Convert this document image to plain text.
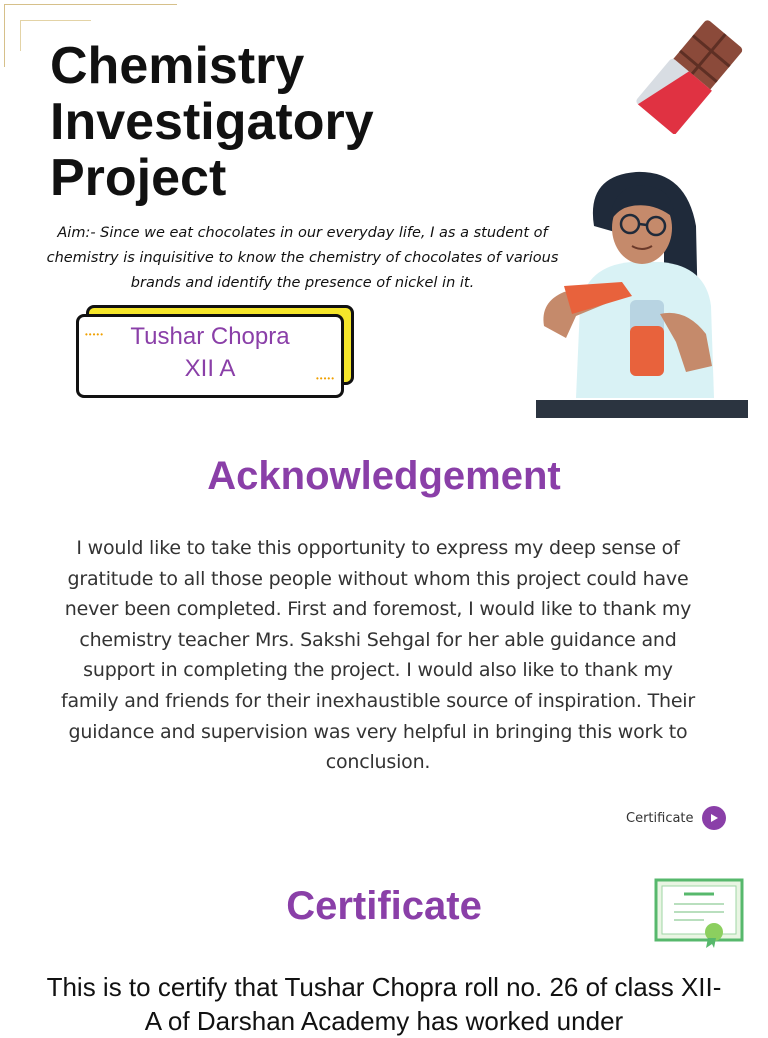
Chemistry
Investigatory
Project
Aim:- Since we eat chocolates in our everyday life, I as a student of chemistry is inquisitive to know the chemistry of chocolates of various brands and identify the presence of nickel in it.
•••••	Tushar Chopra
XII A	•••••
Acknowledgement
I would like to take this opportunity to express my deep sense of gratitude to all those people without whom this project could have never been completed. First and foremost, I would like to thank my chemistry teacher Mrs. Sakshi Sehgal for her able guidance and support in completing the project. I would also like to thank my family and friends for their inexhaustible source of inspiration. Their guidance and supervision was very helpful in bringing this work to conclusion.
Certificate
Certificate
This is to certify that Tushar Chopra roll no. 26 of class XII- A of Darshan Academy has worked under
